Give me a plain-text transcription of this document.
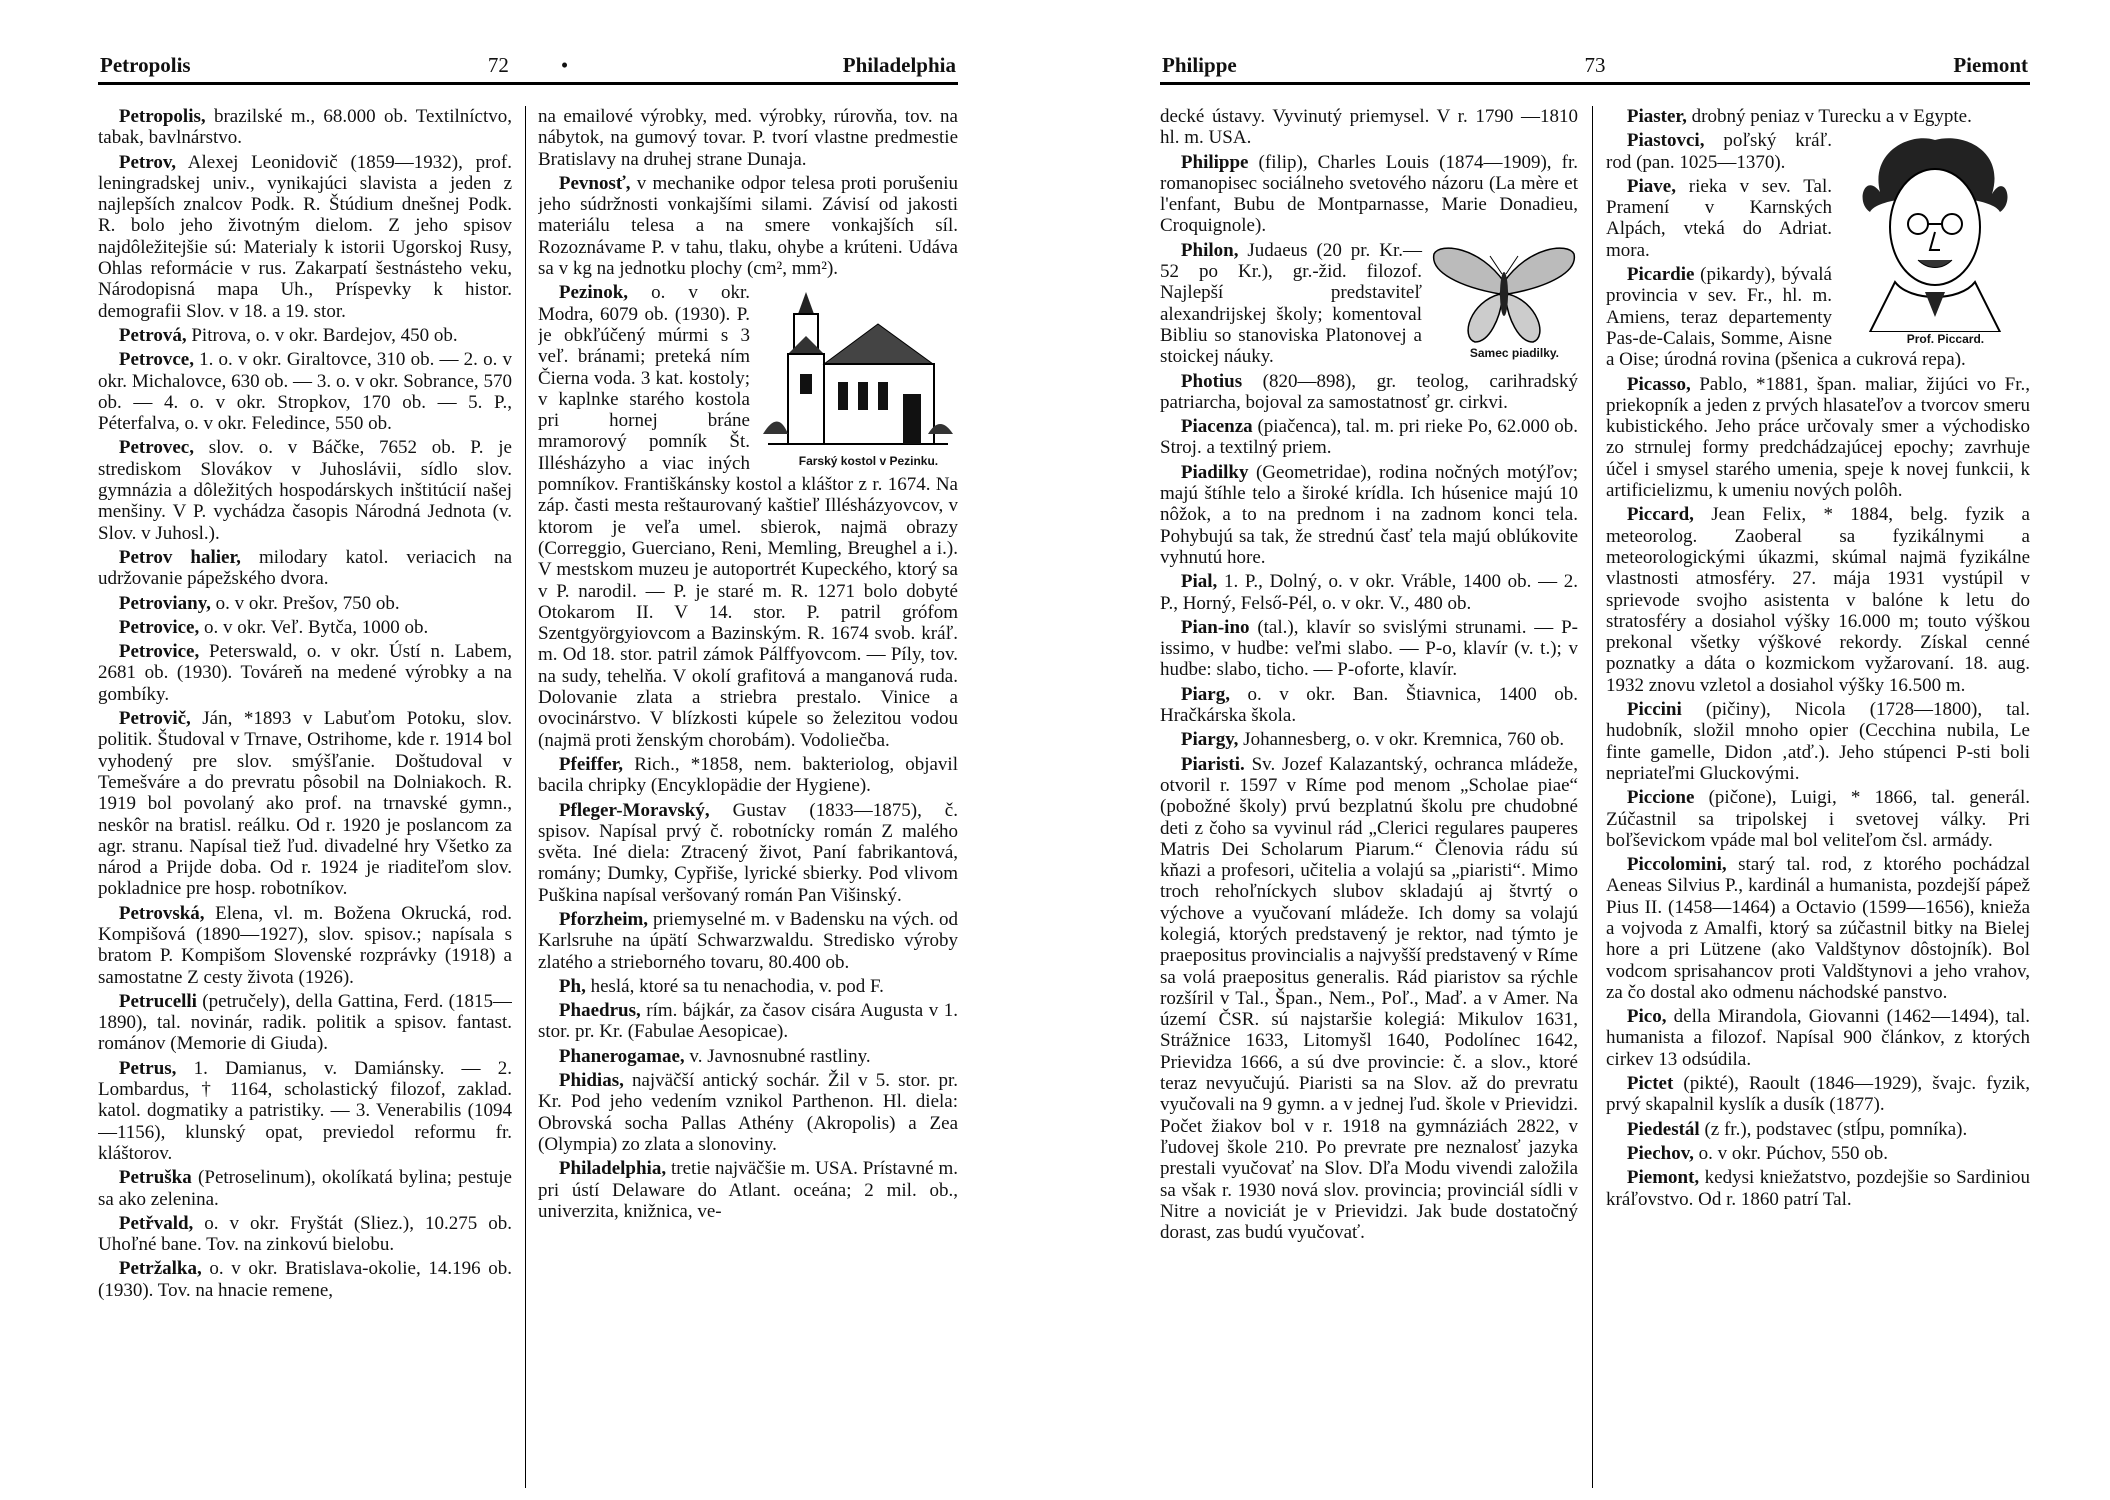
Petropolis	72 •	Philadelphia

Petropolis, brazilské m., 68.000 ob. Textilníctvo, tabak, bavlnárstvo.

Petrov, Alexej Leonidovič (1859—1932), prof. leningradskej univ., vynikajúci slavista a jeden z najlepších znalcov Podk. R. Štúdium dnešnej Podk. R. bolo jeho životným dielom. Z jeho spisov najdôležitejšie sú: Materialy k istorii Ugorskoj Rusy, Ohlas reformácie v rus. Zakarpatí šestnásteho veku, Národopisná mapa Uh., Príspevky k histor. demografii Slov. v 18. a 19. stor.

Petrová, Pitrova, o. v okr. Bardejov, 450 ob.

Petrovce, 1. o. v okr. Giraltovce, 310 ob. — 2. o. v okr. Michalovce, 630 ob. — 3. o. v okr. Sobrance, 570 ob. — 4. o. v okr. Stropkov, 170 ob. — 5. P., Péterfalva, o. v okr. Feledince, 550 ob.

Petrovec, slov. o. v Báčke, 7652 ob. P. je strediskom Slovákov v Juhoslávii, sídlo slov. gymnázia a dôležitých hospodárskych inštitúcií našej menšiny. V P. vychádza časopis Národná Jednota (v. Slov. v Juhosl.).

Petrov halier, milodary katol. veriacich na udržovanie pápežského dvora.

Petroviany, o. v okr. Prešov, 750 ob.

Petrovice, o. v okr. Veľ. Bytča, 1000 ob.

Petrovice, Peterswald, o. v okr. Ústí n. Labem, 2681 ob. (1930). Továreň na medené výrobky a na gombíky.

Petrovič, Ján, *1893 v Labuťom Potoku, slov. politik. Študoval v Trnave, Ostrihome, kde r. 1914 bol vyhodený pre slov. smýšľanie. Doštudoval v Temešváre a do prevratu pôsobil na Dolniakoch. R. 1919 bol povolaný ako prof. na trnavské gymn., neskôr na bratisl. reálku. Od r. 1920 je poslancom za agr. stranu. Napísal tiež ľud. divadelné hry Všetko za národ a Prijde doba. Od r. 1924 je riaditeľom slov. pokladnice pre hosp. robotníkov.

Petrovská, Elena, vl. m. Božena Okrucká, rod. Kompišová (1890—1927), slov. spisov.; napísala s bratom P. Kompišom Slovenské rozprávky (1918) a samostatne Z cesty života (1926).

Petrucelli (petručely), della Gattina, Ferd. (1815—1890), tal. novinár, radik. politik a spisov. fantast. románov (Memorie di Giuda).

Petrus, 1. Damianus, v. Damiánsky. — 2. Lombardus, † 1164, scholastický filozof, zaklad. katol. dogmatiky a patristiky. — 3. Venerabilis (1094—1156), klunský opat, previedol reformu fr. kláštorov.

Petruška (Petroselinum), okolíkatá bylina; pestuje sa ako zelenina.

Petřvald, o. v okr. Fryštát (Sliez.), 10.275 ob. Uhoľné bane. Tov. na zinkovú bielobu.

Petržalka, o. v okr. Bratislava-okolie, 14.196 ob. (1930). Tov. na hnacie remene,

na emailové výrobky, med. výrobky, rúrovňa, tov. na nábytok, na gumový tovar. P. tvorí vlastne predmestie Bratislavy na druhej strane Dunaja.

Pevnosť, v mechanike odpor telesa proti porušeniu jeho súdržnosti vonkajšími silami. Závisí od jakosti materiálu telesa a na smere vonkajších síl. Rozoznávame P. v tahu, tlaku, ohybe a krúteni. Udáva sa v kg na jednotku plochy (cm², mm²).

Farský kostol v Pezinku.
Pezinok, o. v okr. Modra, 6079 ob. (1930). P. je obkľúčený múrmi s 3 veľ. bránami; preteká ním Čierna voda. 3 kat. kostoly; v kaplnke starého kostola pri hornej bráne mramorový pomník Št. Illésházyho a viac iných pomníkov. Františkánsky kostol a kláštor z r. 1674. Na záp. časti mesta reštaurovaný kaštieľ Illésházyovcov, v ktorom je veľa umel. sbierok, najmä obrazy (Correggio, Guerciano, Reni, Memling, Breughel a i.). V mestskom muzeu je autoportrét Kupeckého, ktorý sa v P. narodil. — P. je staré m. R. 1271 bolo dobyté Otokarom II. V 14. stor. P. patril grófom Szentgyörgyiovcom a Bazinským. R. 1674 svob. kráľ. m. Od 18. stor. patril zámok Pálffyovcom. — Píly, tov. na sudy, tehelňa. V okolí grafitová a manganová ruda. Dolovanie zlata a striebra prestalo. Vinice a ovocinárstvo. V blízkosti kúpele so železitou vodou (najmä proti ženským chorobám). Vodoliečba.

Pfeiffer, Rich., *1858, nem. bakteriolog, objavil bacila chripky (Encyklopädie der Hygiene).

Pfleger-Moravský, Gustav (1833—1875), č. spisov. Napísal prvý č. robotnícky román Z malého světa. Iné diela: Ztracený život, Paní fabrikantová, romány; Dumky, Cypřiše, lyrické sbierky. Pod vlivom Puškina napísal veršovaný román Pan Višinský.

Pforzheim, priemyselné m. v Badensku na vých. od Karlsruhe na úpätí Schwarzwaldu. Stredisko výroby zlatého a strieborného tovaru, 80.400 ob.

Ph, heslá, ktoré sa tu nenachodia, v. pod F.

Phaedrus, rím. bájkár, za časov cisára Augusta v 1. stor. pr. Kr. (Fabulae Aesopicae).

Phanerogamae, v. Javnosnubné rastliny.

Phidias, najväčší antický sochár. Žil v 5. stor. pr. Kr. Pod jeho vedením vznikol Parthenon. Hl. diela: Obrovská socha Pallas Athény (Akropolis) a Zea (Olympia) zo zlata a slonoviny.

Philadelphia, tretie najväčšie m. USA. Prístavné m. pri ústí Delaware do Atlant. oceána; 2 mil. ob., univerzita, knižnica, ve-

Philippe	73	Piemont

decké ústavy. Vyvinutý priemysel. V r. 1790 —1810 hl. m. USA.

Philippe (filip), Charles Louis (1874—1909), fr. romanopisec sociálneho svetového názoru (La mère et l'enfant, Bubu de Montparnasse, Marie Donadieu, Croquignole).

Samec piadilky.
Philon, Judaeus (20 pr. Kr.—52 po Kr.), gr.-žid. filozof. Najlepší predstaviteľ alexandrijskej školy; komentoval Bibliu so stanoviska Platonovej a stoickej náuky.

Photius (820—898), gr. teolog, carihradský patriarcha, bojoval za samostatnosť gr. cirkvi.

Piacenza (piačenca), tal. m. pri rieke Po, 62.000 ob. Stroj. a textilný priem.

Piadilky (Geometridae), rodina nočných motýľov; majú štíhle telo a široké krídla. Ich húsenice majú 10 nôžok, a to na prednom i na zadnom konci tela. Pohybujú sa tak, že strednú časť tela majú oblúkovite vyhnutú hore.

Pial, 1. P., Dolný, o. v okr. Vráble, 1400 ob. — 2. P., Horný, Felső-Pél, o. v okr. V., 480 ob.

Pian-ino (tal.), klavír so svislými strunami. — P-issimo, v hudbe: veľmi slabo. — P-o, klavír (v. t.); v hudbe: slabo, ticho. — P-oforte, klavír.

Piarg, o. v okr. Ban. Štiavnica, 1400 ob. Hračkárska škola.

Piargy, Johannesberg, o. v okr. Kremnica, 760 ob.

Piaristi. Sv. Jozef Kalazantský, ochranca mládeže, otvoril r. 1597 v Ríme pod menom „Scholae piae“ (pobožné školy) prvú bezplatnú školu pre chudobné deti z čoho sa vyvinul rád „Clerici regulares pauperes Matris Dei Scholarum Piarum.“ Členovia rádu sú kňazi a profesori, učitelia a volajú sa „piaristi“. Mimo troch rehoľníckych slubov skladajú aj štvrtý o výchove a vyučovaní mládeže. Ich domy sa volajú kolegiá, ktorých predstavený je rektor, nad týmto je praepositus provincialis a najvyšší predstavený v Ríme sa volá praepositus generalis. Rád piaristov sa rýchle rozšíril v Tal., Špan., Nem., Poľ., Maď. a v Amer. Na území ČSR. sú najstaršie kolegiá: Mikulov 1631, Strážnice 1633, Litomyšl 1640, Podolínec 1642, Prievidza 1666, a sú dve provincie: č. a slov., ktoré teraz nevyučujú. Piaristi sa na Slov. až do prevratu vyučovali na 9 gymn. a v jednej ľud. škole v Prievidzi. Počet žiakov bol v r. 1918 na gymnáziách 2822, v ľudovej škole 210. Po prevrate pre neznalosť jazyka prestali vyučovať na Slov. Dľa Modu vivendi založila sa však r. 1930 nová slov. provincia; provinciál sídli v Nitre a noviciát je v Prievidzi. Jak bude dostatočný dorast, zas budú vyučovať.

Piaster, drobný peniaz v Turecku a v Egypte.

Prof. Piccard.
Piastovci, poľský kráľ. rod (pan. 1025—1370).

Piave, rieka v sev. Tal. Pramení v Karnských Alpách, vteká do Adriat. mora.

Picardie (pikardy), bývalá provincia v sev. Fr., hl. m. Amiens, teraz departementy Pas-de-Calais, Somme, Aisne a Oise; úrodná rovina (pšenica a cukrová repa).

Picasso, Pablo, *1881, špan. maliar, žijúci vo Fr., priekopník a jeden z prvých hlasateľov a tvorcov smeru kubistického. Jeho práce určovaly smer a východisko zo strnulej formy predchádzajúcej epochy; zavrhuje účel i smysel starého umenia, speje k novej funkcii, k artificielizmu, k umeniu nových polôh.

Piccard, Jean Felix, * 1884, belg. fyzik a meteorolog. Zaoberal sa fyzikálnymi a meteorologickými úkazmi, skúmal najmä fyzikálne vlastnosti atmosféry. 27. mája 1931 vystúpil v sprievode svojho asistenta v balóne k letu do stratosféry a dosiahol výšky 16.000 m; touto výškou prekonal všetky výškové rekordy. Získal cenné poznatky a dáta o kozmickom vyžarovaní. 18. aug. 1932 znovu vzletol a dosiahol výšky 16.500 m.

Piccini (pičiny), Nicola (1728—1800), tal. hudobník, složil mnoho opier (Cecchina nubila, Le finte gamelle, Didon ‚atď.). Jeho stúpenci P-sti boli nepriateľmi Gluckovými.

Piccione (pičone), Luigi, * 1866, tal. generál. Zúčastnil sa tripolskej i svetovej války. Pri boľševickom vpáde mal bol veliteľom čsl. armády.

Piccolomini, starý tal. rod, z ktorého pochádzal Aeneas Silvius P., kardinál a humanista, pozdejší pápež Pius II. (1458—1464) a Octavio (1599—1656), knieža a vojvoda z Amalfi, ktorý sa zúčastnil bitky na Bielej hore a pri Lützene (ako Valdštynov dôstojník). Bol vodcom sprisahancov proti Valdštynovi a jeho vrahov, za čo dostal ako odmenu náchodské panstvo.

Pico, della Mirandola, Giovanni (1462—1494), tal. humanista a filozof. Napísal 900 článkov, z ktorých cirkev 13 odsúdila.

Pictet (pikté), Raoult (1846—1929), švajc. fyzik, prvý skapalnil kyslík a dusík (1877).

Piedestál (z fr.), podstavec (stĺpu, pomníka).

Piechov, o. v okr. Púchov, 550 ob.

Piemont, kedysi kniežatstvo, pozdejšie so Sardiniou kráľovstvo. Od r. 1860 patrí Tal.
